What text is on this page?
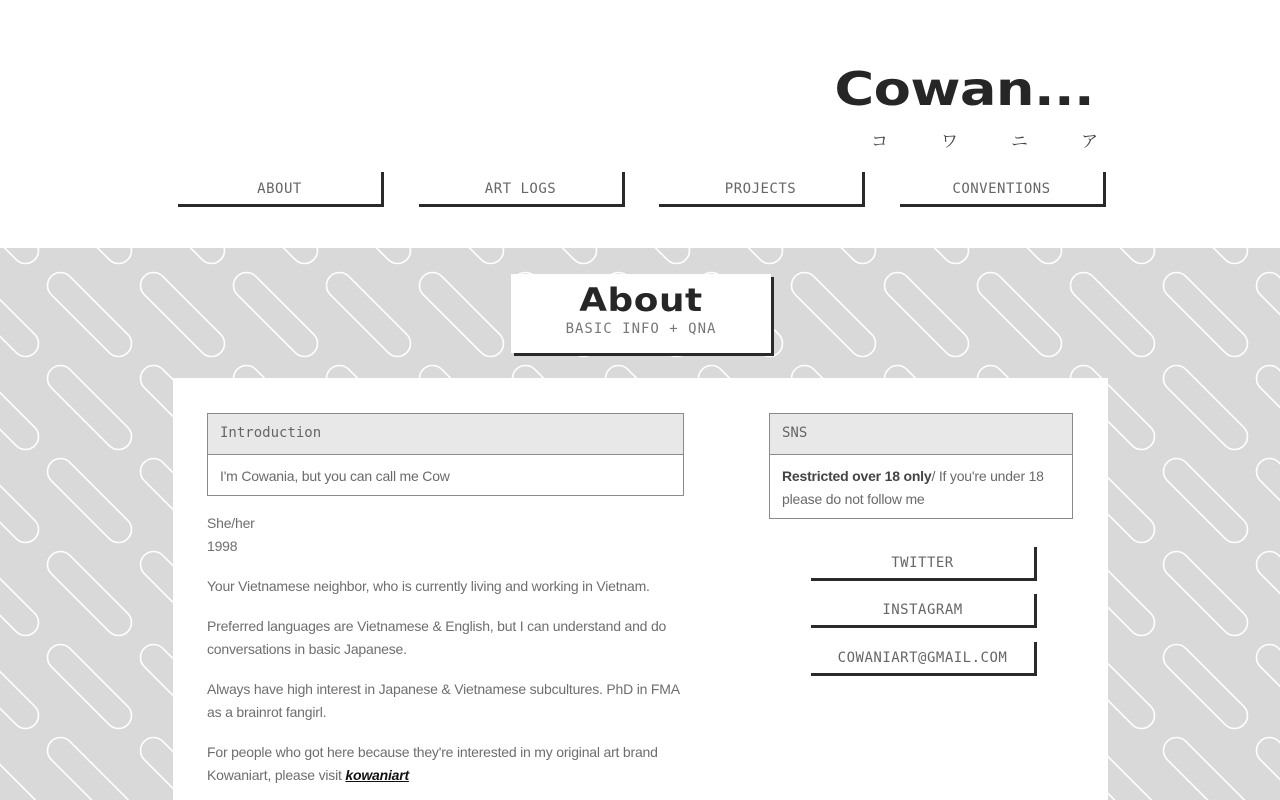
Cowan...
コ	ワ	ニ	ア
ABOUT	ART LOGS	PROJECTS	CONVENTIONS
About
BASIC INFO + QNA
Introduction
I'm Cowania, but you can call me Cow

She/her
1998

Your Vietnamese neighbor, who is currently living and working in Vietnam.

Preferred languages are Vietnamese & English, but I can understand and do conversations in basic Japanese.

Always have high interest in Japanese & Vietnamese subcultures. PhD in FMA as a brainrot fangirl.

For people who got here because they're interested in my original art brand Kowaniart, please visit kowaniart

SNS
Restricted over 18 only/ If you're under 18 please do not follow me
TWITTER
INSTAGRAM
COWANIART@GMAIL.COM
